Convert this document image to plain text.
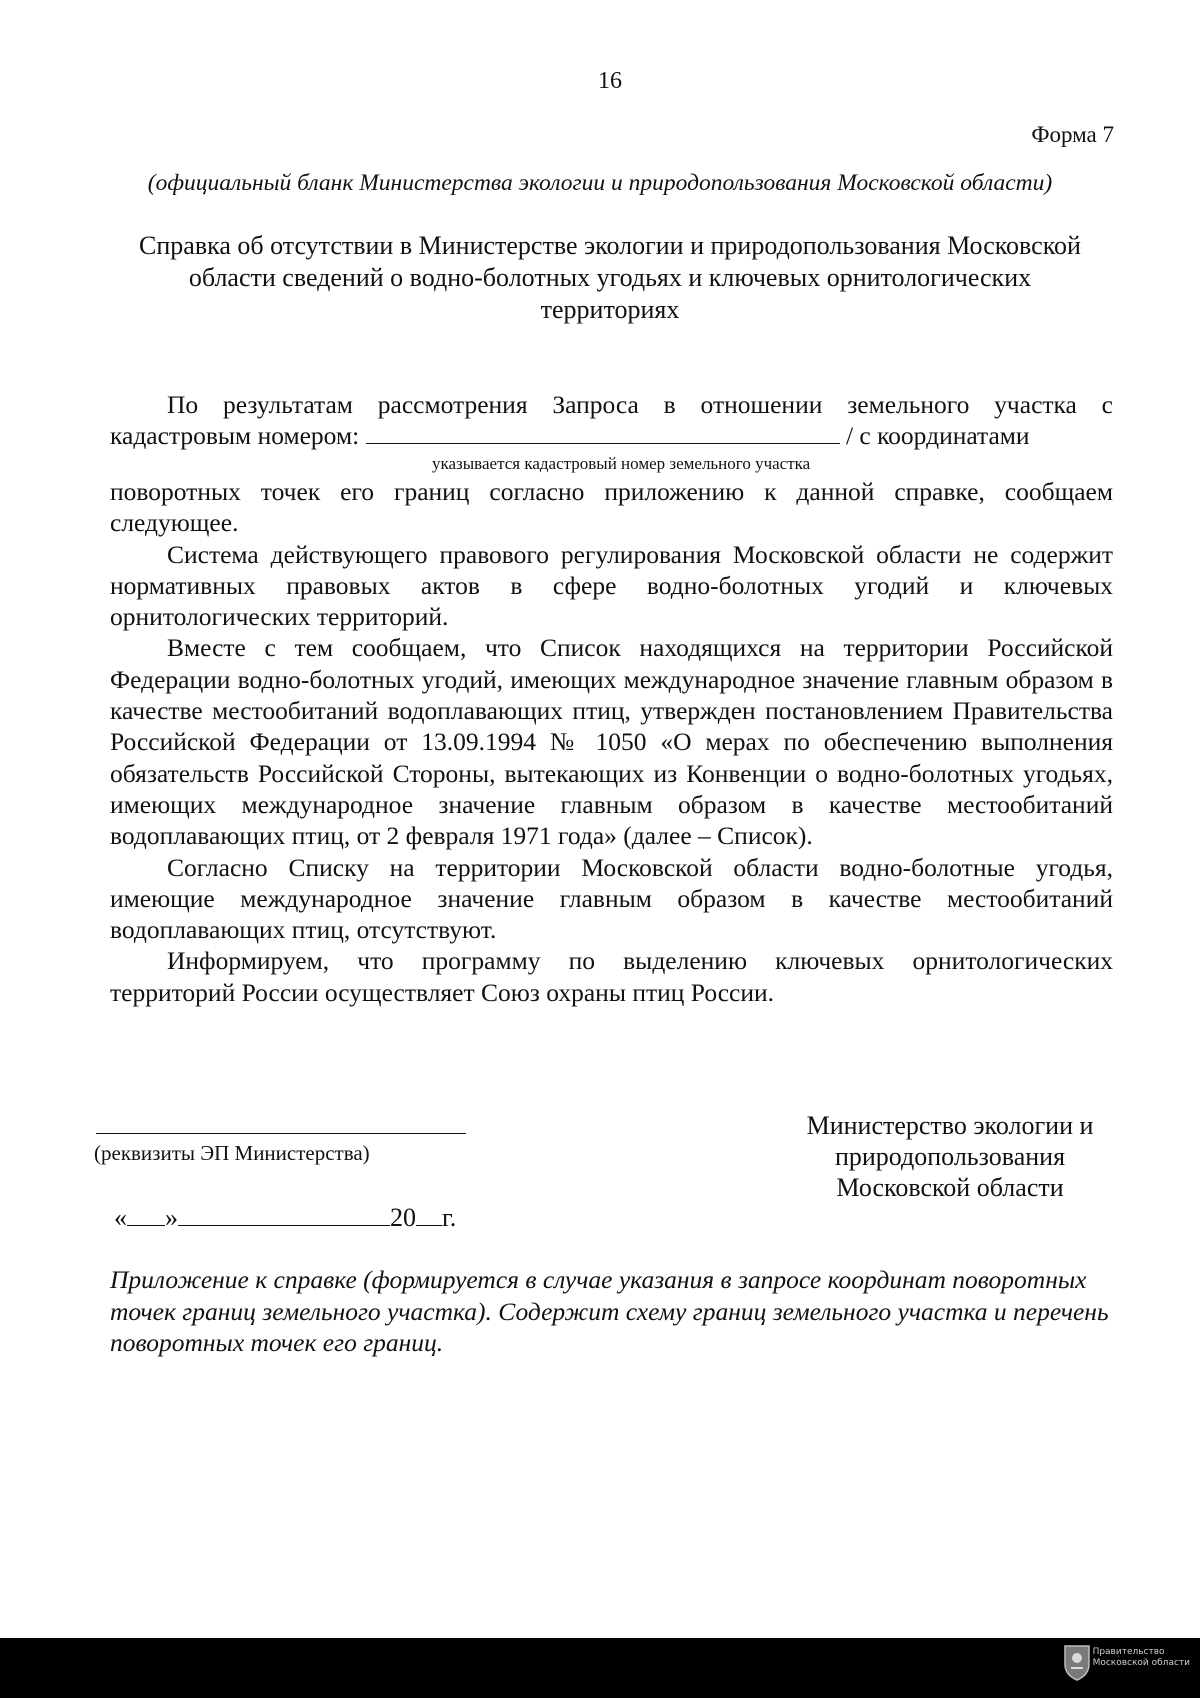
16
Форма 7
(официальный бланк Министерства экологии и природопользования Московской области)
Справка об отсутствии в Министерстве экологии и природопользования Московской области сведений о водно-болотных угодьях и ключевых орнитологических территориях

По результатам рассмотрения Запроса в отношении земельного участка с кадастровым номером:	/ с координатами

указывается кадастровый номер земельного участка

поворотных точек его границ согласно приложению к данной справке, сообщаем следующее.

Система действующего правового регулирования Московской области не содержит нормативных правовых актов в сфере водно-болотных угодий и ключевых орнитологических территорий.

Вместе с тем сообщаем, что Список находящихся на территории Российской Федерации водно-болотных угодий, имеющих международное значение главным образом в качестве местообитаний водоплавающих птиц, утвержден постановлением Правительства Российской Федерации от 13.09.1994 № 1050 «О мерах по обеспечению выполнения обязательств Российской Стороны, вытекающих из Конвенции о водно-болотных угодьях, имеющих международное значение главным образом в качестве местообитаний водоплавающих птиц, от 2 февраля 1971 года» (далее – Список).

Согласно Списку на территории Московской области водно-болотные угодья, имеющие международное значение главным образом в качестве местообитаний водоплавающих птиц, отсутствуют.

Информируем, что программу по выделению ключевых орнитологических территорий России осуществляет Союз охраны птиц России.

(реквизиты ЭП Министерства)
Министерство экологии и
природопользования
Московской области
« »	20 г.
Приложение к справке (формируется в случае указания в запросе координат поворотных точек границ земельного участка). Содержит схему границ земельного участка и перечень поворотных точек его границ.
Правительство
Московской области
